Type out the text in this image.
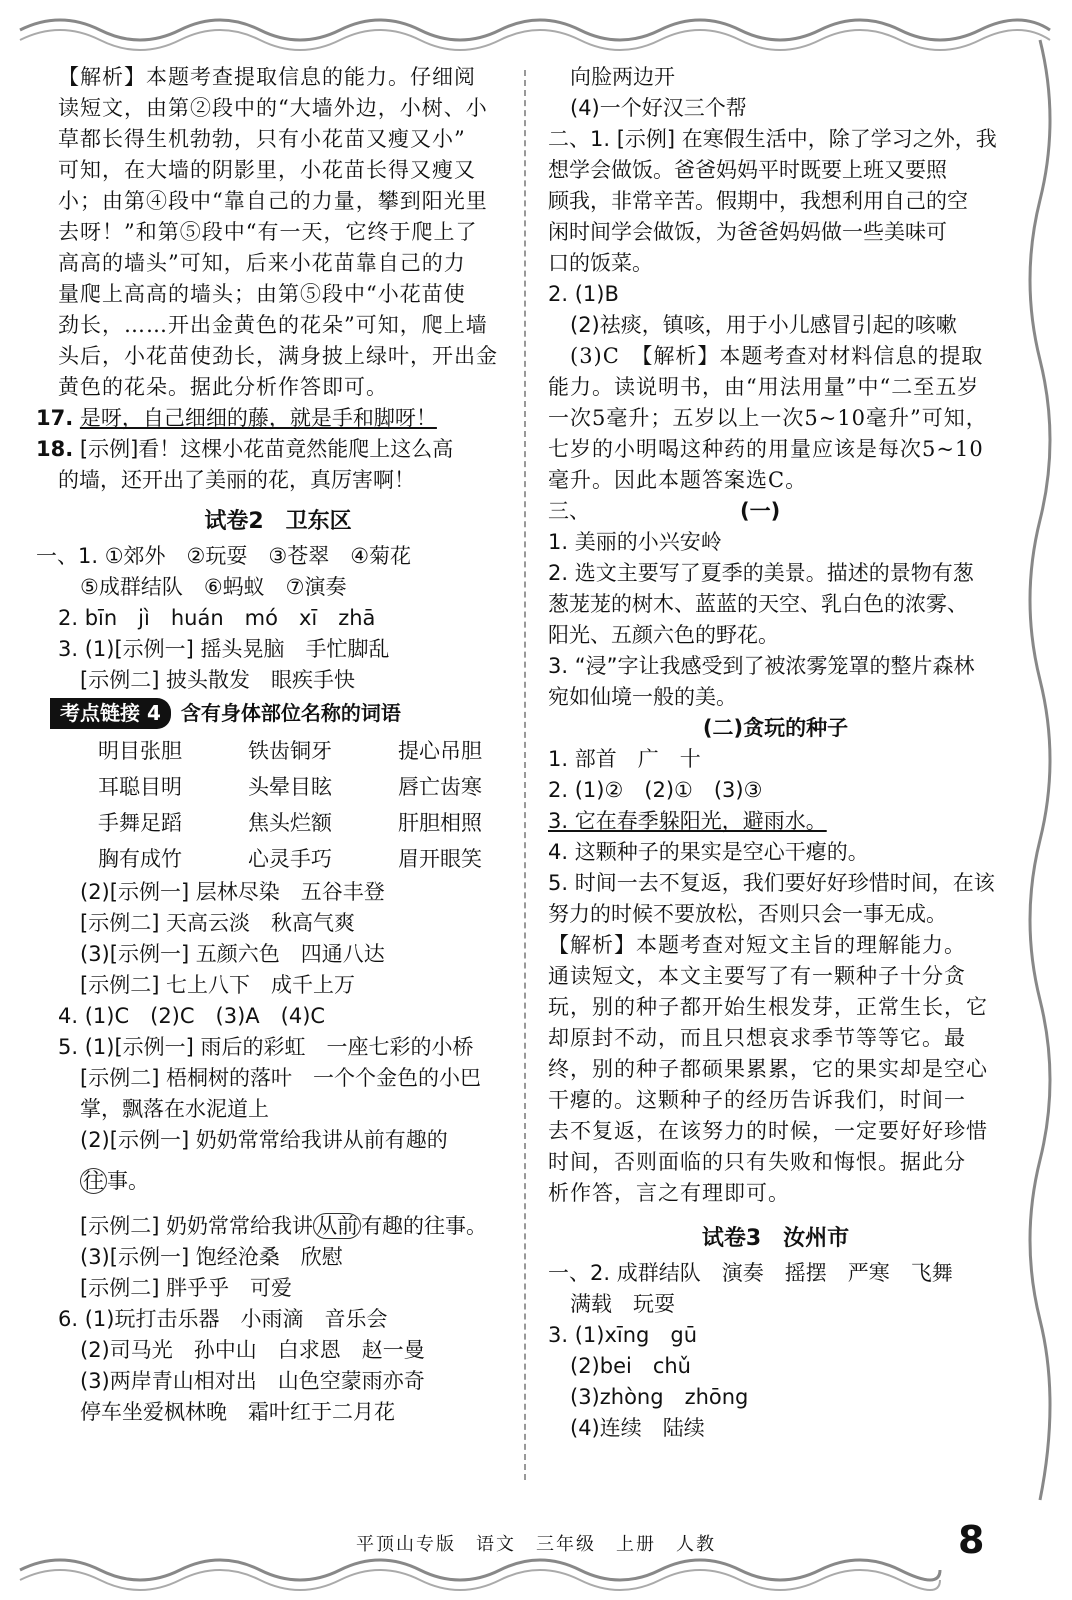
【解析】本题考查提取信息的能力。仔细阅
读短文，由第②段中的“大墙外边，小树、小
草都长得生机勃勃，只有小花苗又瘦又小”
可知，在大墙的阴影里，小花苗长得又瘦又
小；由第④段中“靠自己的力量，攀到阳光里
去呀！”和第⑤段中“有一天，它终于爬上了
高高的墙头”可知，后来小花苗靠自己的力
量爬上高高的墙头；由第⑤段中“小花苗使
劲长，……开出金黄色的花朵”可知，爬上墙
头后，小花苗使劲长，满身披上绿叶，开出金
黄色的花朵。据此分析作答即可。
17. 是呀，自己细细的藤，就是手和脚呀！
18. [示例]看！这棵小花苗竟然能爬上这么高
的墙，还开出了美丽的花，真厉害啊！
试卷2　卫东区
一、1. ①郊外　②玩耍　③苍翠　④菊花
⑤成群结队　⑥蚂蚁　⑦演奏
2. bīn　jì　huán　mó　xī　zhā
3. (1)[示例一] 摇头晃脑　手忙脚乱
[示例二] 披头散发　眼疾手快
考点链接 4	含有身体部位名称的词语
明目张胆	铁齿铜牙	提心吊胆
耳聪目明	头晕目眩	唇亡齿寒
手舞足蹈	焦头烂额	肝胆相照
胸有成竹	心灵手巧	眉开眼笑
(2)[示例一] 层林尽染　五谷丰登
[示例二] 天高云淡　秋高气爽
(3)[示例一] 五颜六色　四通八达
[示例二] 七上八下　成千上万
4. (1)C　(2)C　(3)A　(4)C
5. (1)[示例一] 雨后的彩虹　一座七彩的小桥
[示例二] 梧桐树的落叶　一个个金色的小巴
掌，飘落在水泥道上
(2)[示例一] 奶奶常常给我讲从前有趣的
往 事。
[示例二] 奶奶常常给我讲 从前 有趣的往事。
(3)[示例一] 饱经沧桑　欣慰
[示例二] 胖乎乎　可爱
6. (1)玩打击乐器　小雨滴　音乐会
(2)司马光　孙中山　白求恩　赵一曼
(3)两岸青山相对出　山色空蒙雨亦奇
停车坐爱枫林晚　霜叶红于二月花
向脸两边开
(4)一个好汉三个帮
二、1. [示例] 在寒假生活中，除了学习之外，我
想学会做饭。爸爸妈妈平时既要上班又要照
顾我，非常辛苦。假期中，我想利用自己的空
闲时间学会做饭，为爸爸妈妈做一些美味可
口的饭菜。
2. (1)B
(2)祛痰，镇咳，用于小儿感冒引起的咳嗽
(3)C　【解析】本题考查对材料信息的提取
能力。读说明书，由“用法用量”中“二至五岁
一次5毫升；五岁以上一次5~10毫升”可知，
七岁的小明喝这种药的用量应该是每次5~10
毫升。因此本题答案选C。
三、	(一)
1. 美丽的小兴安岭
2. 选文主要写了夏季的美景。描述的景物有葱
葱茏茏的树木、蓝蓝的天空、乳白色的浓雾、
阳光、五颜六色的野花。
3. “浸”字让我感受到了被浓雾笼罩的整片森林
宛如仙境一般的美。
(二)贪玩的种子
1. 部首　广　十
2. (1)②　(2)①　(3)③
3. 它在春季躲阳光，避雨水。
4. 这颗种子的果实是空心干瘪的。
5. 时间一去不复返，我们要好好珍惜时间，在该
努力的时候不要放松，否则只会一事无成。
【解析】本题考查对短文主旨的理解能力。
通读短文，本文主要写了有一颗种子十分贪
玩，别的种子都开始生根发芽，正常生长，它
却原封不动，而且只想哀求季节等等它。最
终，别的种子都硕果累累，它的果实却是空心
干瘪的。这颗种子的经历告诉我们，时间一
去不复返，在该努力的时候，一定要好好珍惜
时间，否则面临的只有失败和悔恨。据此分
析作答，言之有理即可。
试卷3　汝州市
一、2. 成群结队　演奏　摇摆　严寒　飞舞
满载　玩耍
3. (1)xīng　gū
(2)bei　chǔ
(3)zhòng　zhōng
(4)连续　陆续
平顶山专版　语文　三年级　上册　人教	8
